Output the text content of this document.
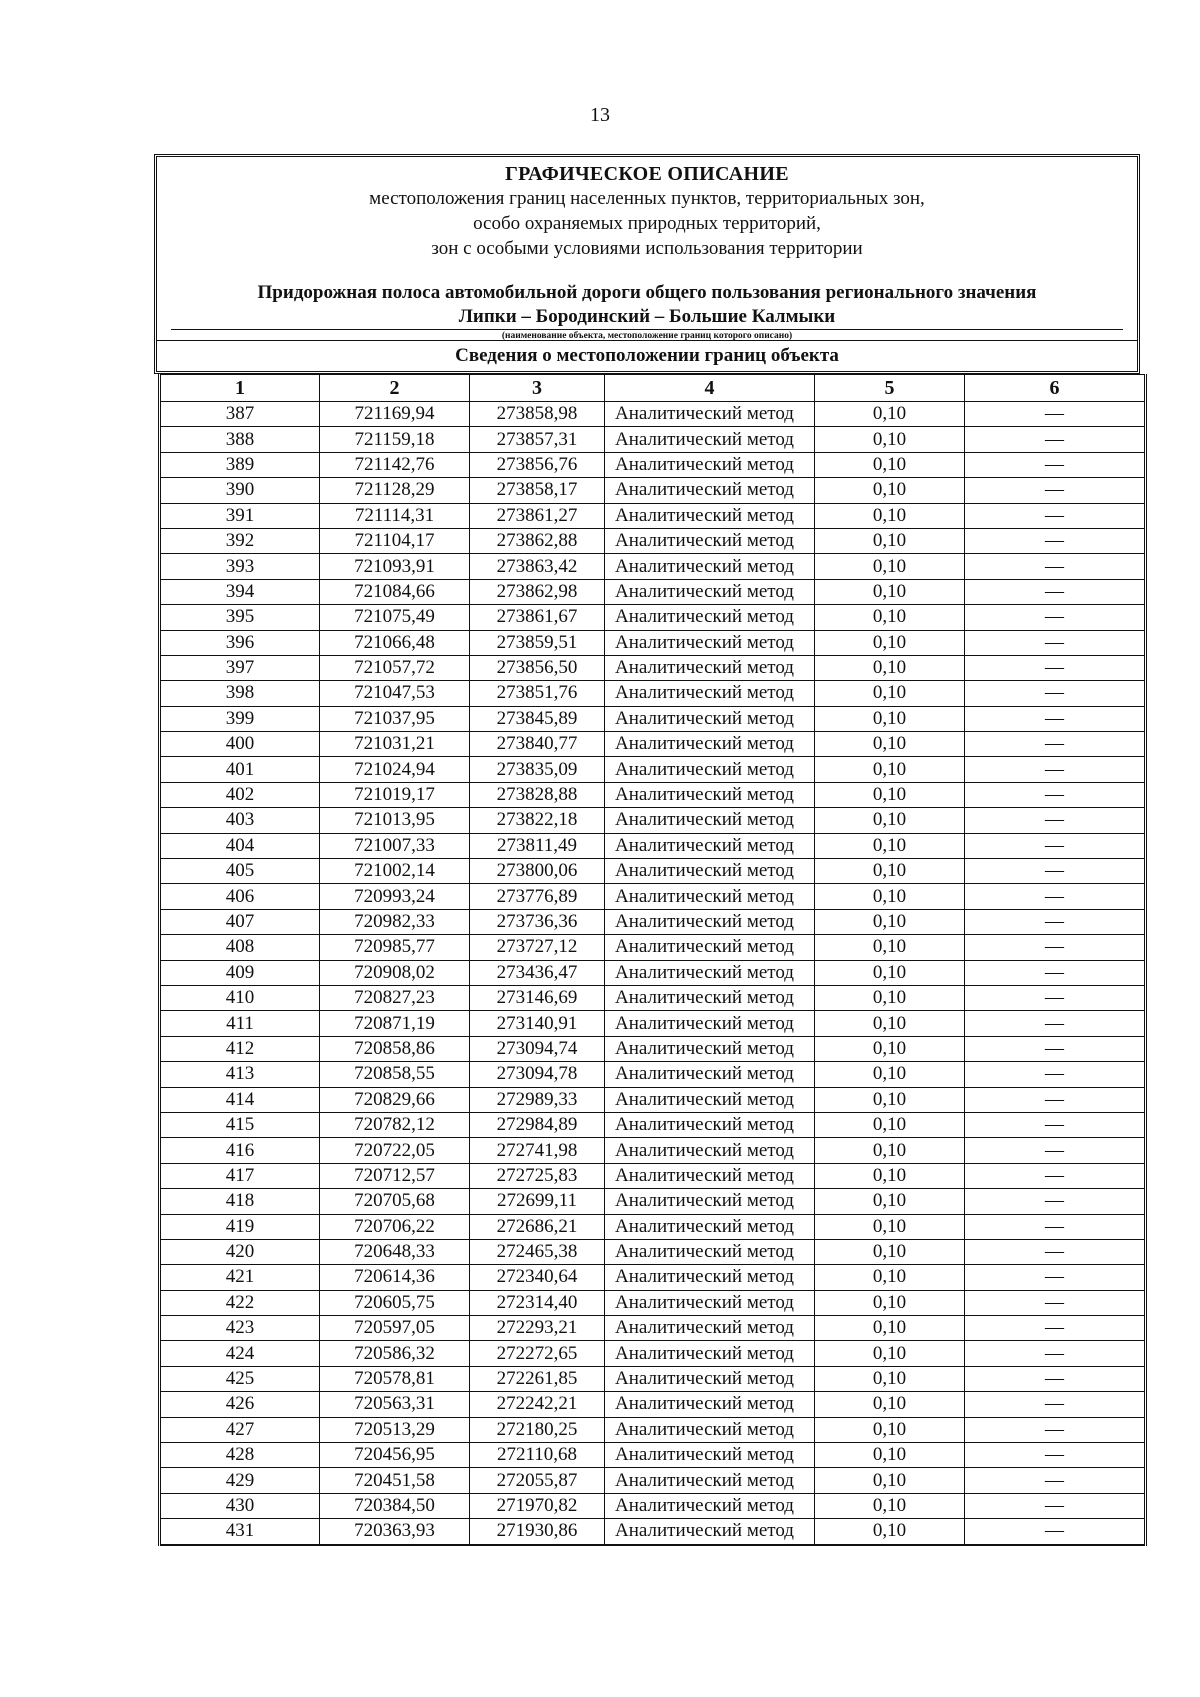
13
ГРАФИЧЕСКОЕ ОПИСАНИЕ
местоположения границ населенных пунктов, территориальных зон,
особо охраняемых природных территорий,
зон с особыми условиями использования территории
Придорожная полоса автомобильной дороги общего пользования регионального значения
Липки – Бородинский – Большие Калмыки
(наименование объекта, местоположение границ которого описано)
Сведения о местоположении границ объекта
1	2	3	4	5	6
387	721169,94	273858,98	Аналитический метод	0,10	—
388	721159,18	273857,31	Аналитический метод	0,10	—
389	721142,76	273856,76	Аналитический метод	0,10	—
390	721128,29	273858,17	Аналитический метод	0,10	—
391	721114,31	273861,27	Аналитический метод	0,10	—
392	721104,17	273862,88	Аналитический метод	0,10	—
393	721093,91	273863,42	Аналитический метод	0,10	—
394	721084,66	273862,98	Аналитический метод	0,10	—
395	721075,49	273861,67	Аналитический метод	0,10	—
396	721066,48	273859,51	Аналитический метод	0,10	—
397	721057,72	273856,50	Аналитический метод	0,10	—
398	721047,53	273851,76	Аналитический метод	0,10	—
399	721037,95	273845,89	Аналитический метод	0,10	—
400	721031,21	273840,77	Аналитический метод	0,10	—
401	721024,94	273835,09	Аналитический метод	0,10	—
402	721019,17	273828,88	Аналитический метод	0,10	—
403	721013,95	273822,18	Аналитический метод	0,10	—
404	721007,33	273811,49	Аналитический метод	0,10	—
405	721002,14	273800,06	Аналитический метод	0,10	—
406	720993,24	273776,89	Аналитический метод	0,10	—
407	720982,33	273736,36	Аналитический метод	0,10	—
408	720985,77	273727,12	Аналитический метод	0,10	—
409	720908,02	273436,47	Аналитический метод	0,10	—
410	720827,23	273146,69	Аналитический метод	0,10	—
411	720871,19	273140,91	Аналитический метод	0,10	—
412	720858,86	273094,74	Аналитический метод	0,10	—
413	720858,55	273094,78	Аналитический метод	0,10	—
414	720829,66	272989,33	Аналитический метод	0,10	—
415	720782,12	272984,89	Аналитический метод	0,10	—
416	720722,05	272741,98	Аналитический метод	0,10	—
417	720712,57	272725,83	Аналитический метод	0,10	—
418	720705,68	272699,11	Аналитический метод	0,10	—
419	720706,22	272686,21	Аналитический метод	0,10	—
420	720648,33	272465,38	Аналитический метод	0,10	—
421	720614,36	272340,64	Аналитический метод	0,10	—
422	720605,75	272314,40	Аналитический метод	0,10	—
423	720597,05	272293,21	Аналитический метод	0,10	—
424	720586,32	272272,65	Аналитический метод	0,10	—
425	720578,81	272261,85	Аналитический метод	0,10	—
426	720563,31	272242,21	Аналитический метод	0,10	—
427	720513,29	272180,25	Аналитический метод	0,10	—
428	720456,95	272110,68	Аналитический метод	0,10	—
429	720451,58	272055,87	Аналитический метод	0,10	—
430	720384,50	271970,82	Аналитический метод	0,10	—
431	720363,93	271930,86	Аналитический метод	0,10	—
